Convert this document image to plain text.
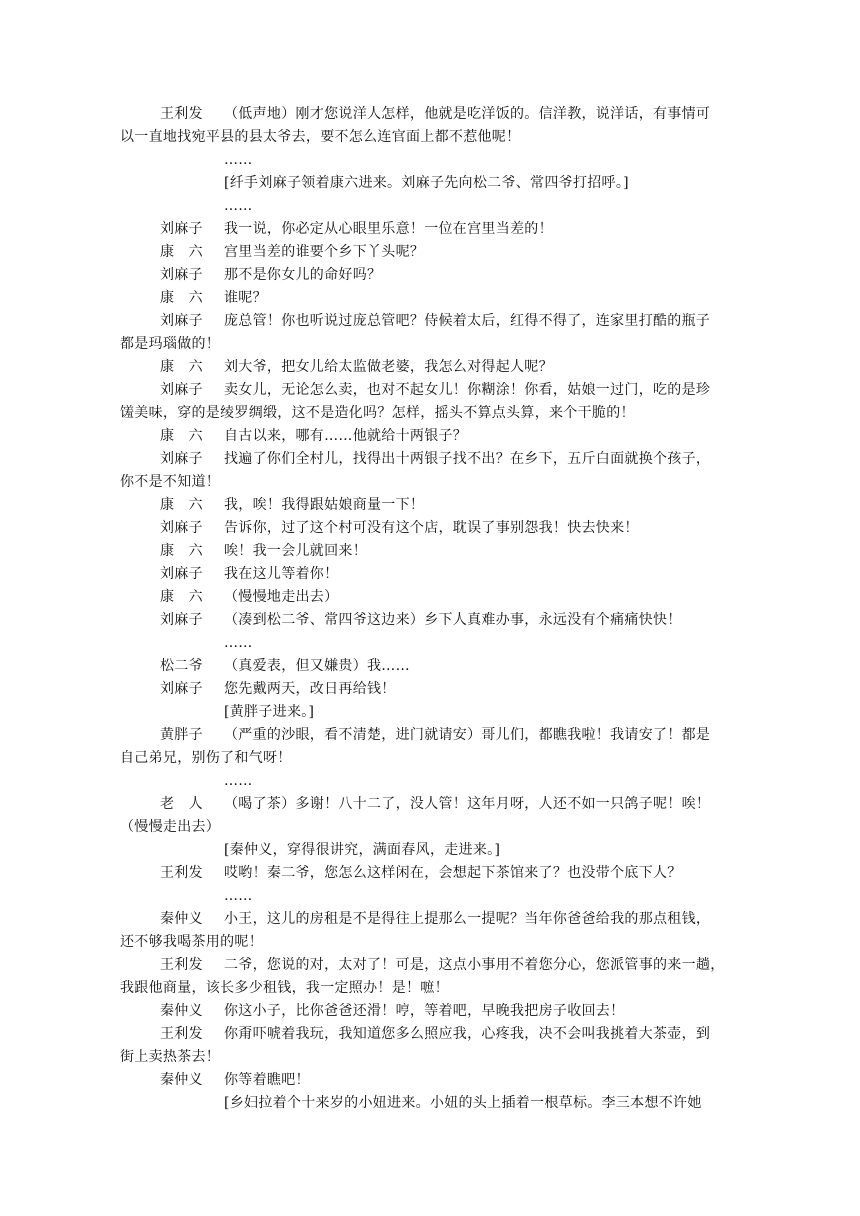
王利发 （低声地）刚才您说洋人怎样，他就是吃洋饭的。信洋教，说洋话，有事情可
以一直地找宛平县的县太爷去，要不怎么连官面上都不惹他呢！
……
[纤手刘麻子领着康六进来。刘麻子先向松二爷、常四爷打招呼。]
……
刘麻子 我一说，你必定从心眼里乐意！一位在宫里当差的！
康　六 宫里当差的谁要个乡下丫头呢？
刘麻子 那不是你女儿的命好吗？
康　六 谁呢？
刘麻子 庞总管！你也听说过庞总管吧？侍候着太后，红得不得了，连家里打酷的瓶子
都是玛瑙做的！
康　六 刘大爷，把女儿给太监做老婆，我怎么对得起人呢？
刘麻子 卖女儿，无论怎么卖，也对不起女儿！你糊涂！你看，姑娘一过门，吃的是珍
馐美味，穿的是绫罗绸缎，这不是造化吗？怎样，摇头不算点头算，来个干脆的！
康　六 自古以来，哪有……他就给十两银子？
刘麻子 找遍了你们全村儿，找得出十两银子找不出？在乡下，五斤白面就换个孩子，
你不是不知道！
康　六 我，唉！我得跟姑娘商量一下！
刘麻子 告诉你，过了这个村可没有这个店，耽误了事别怨我！快去快来！
康　六 唉！我一会儿就回来！
刘麻子 我在这儿等着你！
康　六 （慢慢地走出去）
刘麻子 （凑到松二爷、常四爷这边来）乡下人真难办事，永远没有个痛痛快快！
……
松二爷 （真爱表，但又嫌贵）我……
刘麻子 您先戴两天，改日再给钱！
[黄胖子进来。]
黄胖子 （严重的沙眼，看不清楚，进门就请安）哥儿们，都瞧我啦！我请安了！都是
自己弟兄，别伤了和气呀！
……
老　人 （喝了茶）多谢！八十二了，没人管！这年月呀，人还不如一只鸽子呢！唉！
（慢慢走出去）
[秦仲义，穿得很讲究，满面春风，走进来。]
王利发 哎哟！秦二爷，您怎么这样闲在，会想起下茶馆来了？也没带个底下人？
……
秦仲义 小王，这儿的房租是不是得往上提那么一提呢？当年你爸爸给我的那点租钱，
还不够我喝茶用的呢！
王利发 二爷，您说的对，太对了！可是，这点小事用不着您分心，您派管事的来一趟，
我跟他商量，该长多少租钱，我一定照办！是！嗻！
秦仲义 你这小子，比你爸爸还滑！哼，等着吧，早晚我把房子收回去！
王利发 你甭吓唬着我玩，我知道您多么照应我，心疼我，决不会叫我挑着大茶壶，到
街上卖热茶去！
秦仲义 你等着瞧吧！
[乡妇拉着个十来岁的小妞进来。小妞的头上插着一根草标。李三本想不许她
